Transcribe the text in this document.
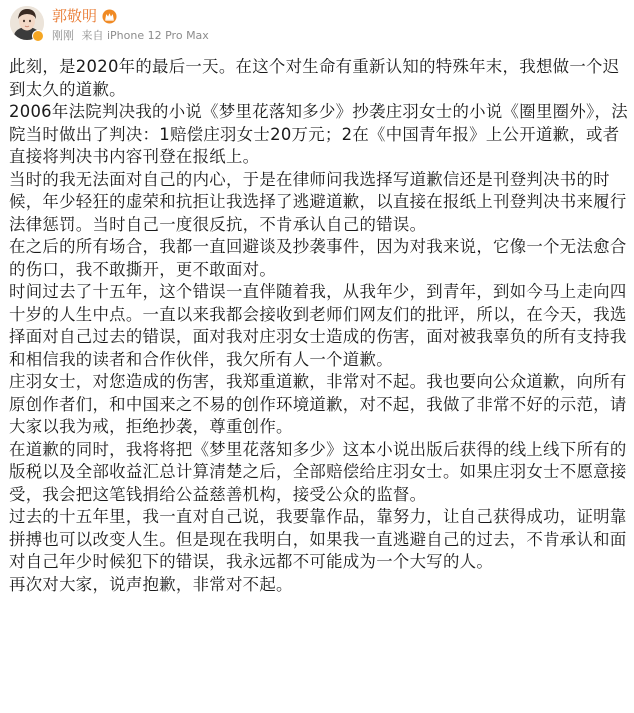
郭敬明
刚刚 来自 iPhone 12 Pro Max

此刻，是2020年的最后一天。在这个对生命有重新认知的特殊年末，我想做一个迟到太久的道歉。

2006年法院判决我的小说《梦里花落知多少》抄袭庄羽女士的小说《圈里圈外》，法院当时做出了判决：1赔偿庄羽女士20万元；2在《中国青年报》上公开道歉，或者直接将判决书内容刊登在报纸上。

当时的我无法面对自己的内心，于是在律师问我选择写道歉信还是刊登判决书的时候，年少轻狂的虚荣和抗拒让我选择了逃避道歉，以直接在报纸上刊登判决书来履行法律惩罚。当时自己一度很反抗，不肯承认自己的错误。

在之后的所有场合，我都一直回避谈及抄袭事件，因为对我来说，它像一个无法愈合的伤口，我不敢撕开，更不敢面对。

时间过去了十五年，这个错误一直伴随着我，从我年少，到青年，到如今马上走向四十岁的人生中点。一直以来我都会接收到老师们网友们的批评，所以，在今天，我选择面对自己过去的错误，面对我对庄羽女士造成的伤害，面对被我辜负的所有支持我和相信我的读者和合作伙伴，我欠所有人一个道歉。

庄羽女士，对您造成的伤害，我郑重道歉，非常对不起。我也要向公众道歉，向所有原创作者们，和中国来之不易的创作环境道歉，对不起，我做了非常不好的示范，请大家以我为戒，拒绝抄袭，尊重创作。

在道歉的同时，我将将把《梦里花落知多少》这本小说出版后获得的线上线下所有的版税以及全部收益汇总计算清楚之后，全部赔偿给庄羽女士。如果庄羽女士不愿意接受，我会把这笔钱捐给公益慈善机构，接受公众的监督。

过去的十五年里，我一直对自己说，我要靠作品，靠努力，让自己获得成功，证明靠拼搏也可以改变人生。但是现在我明白，如果我一直逃避自己的过去，不肯承认和面对自己年少时候犯下的错误，我永远都不可能成为一个大写的人。

再次对大家，说声抱歉，非常对不起。
